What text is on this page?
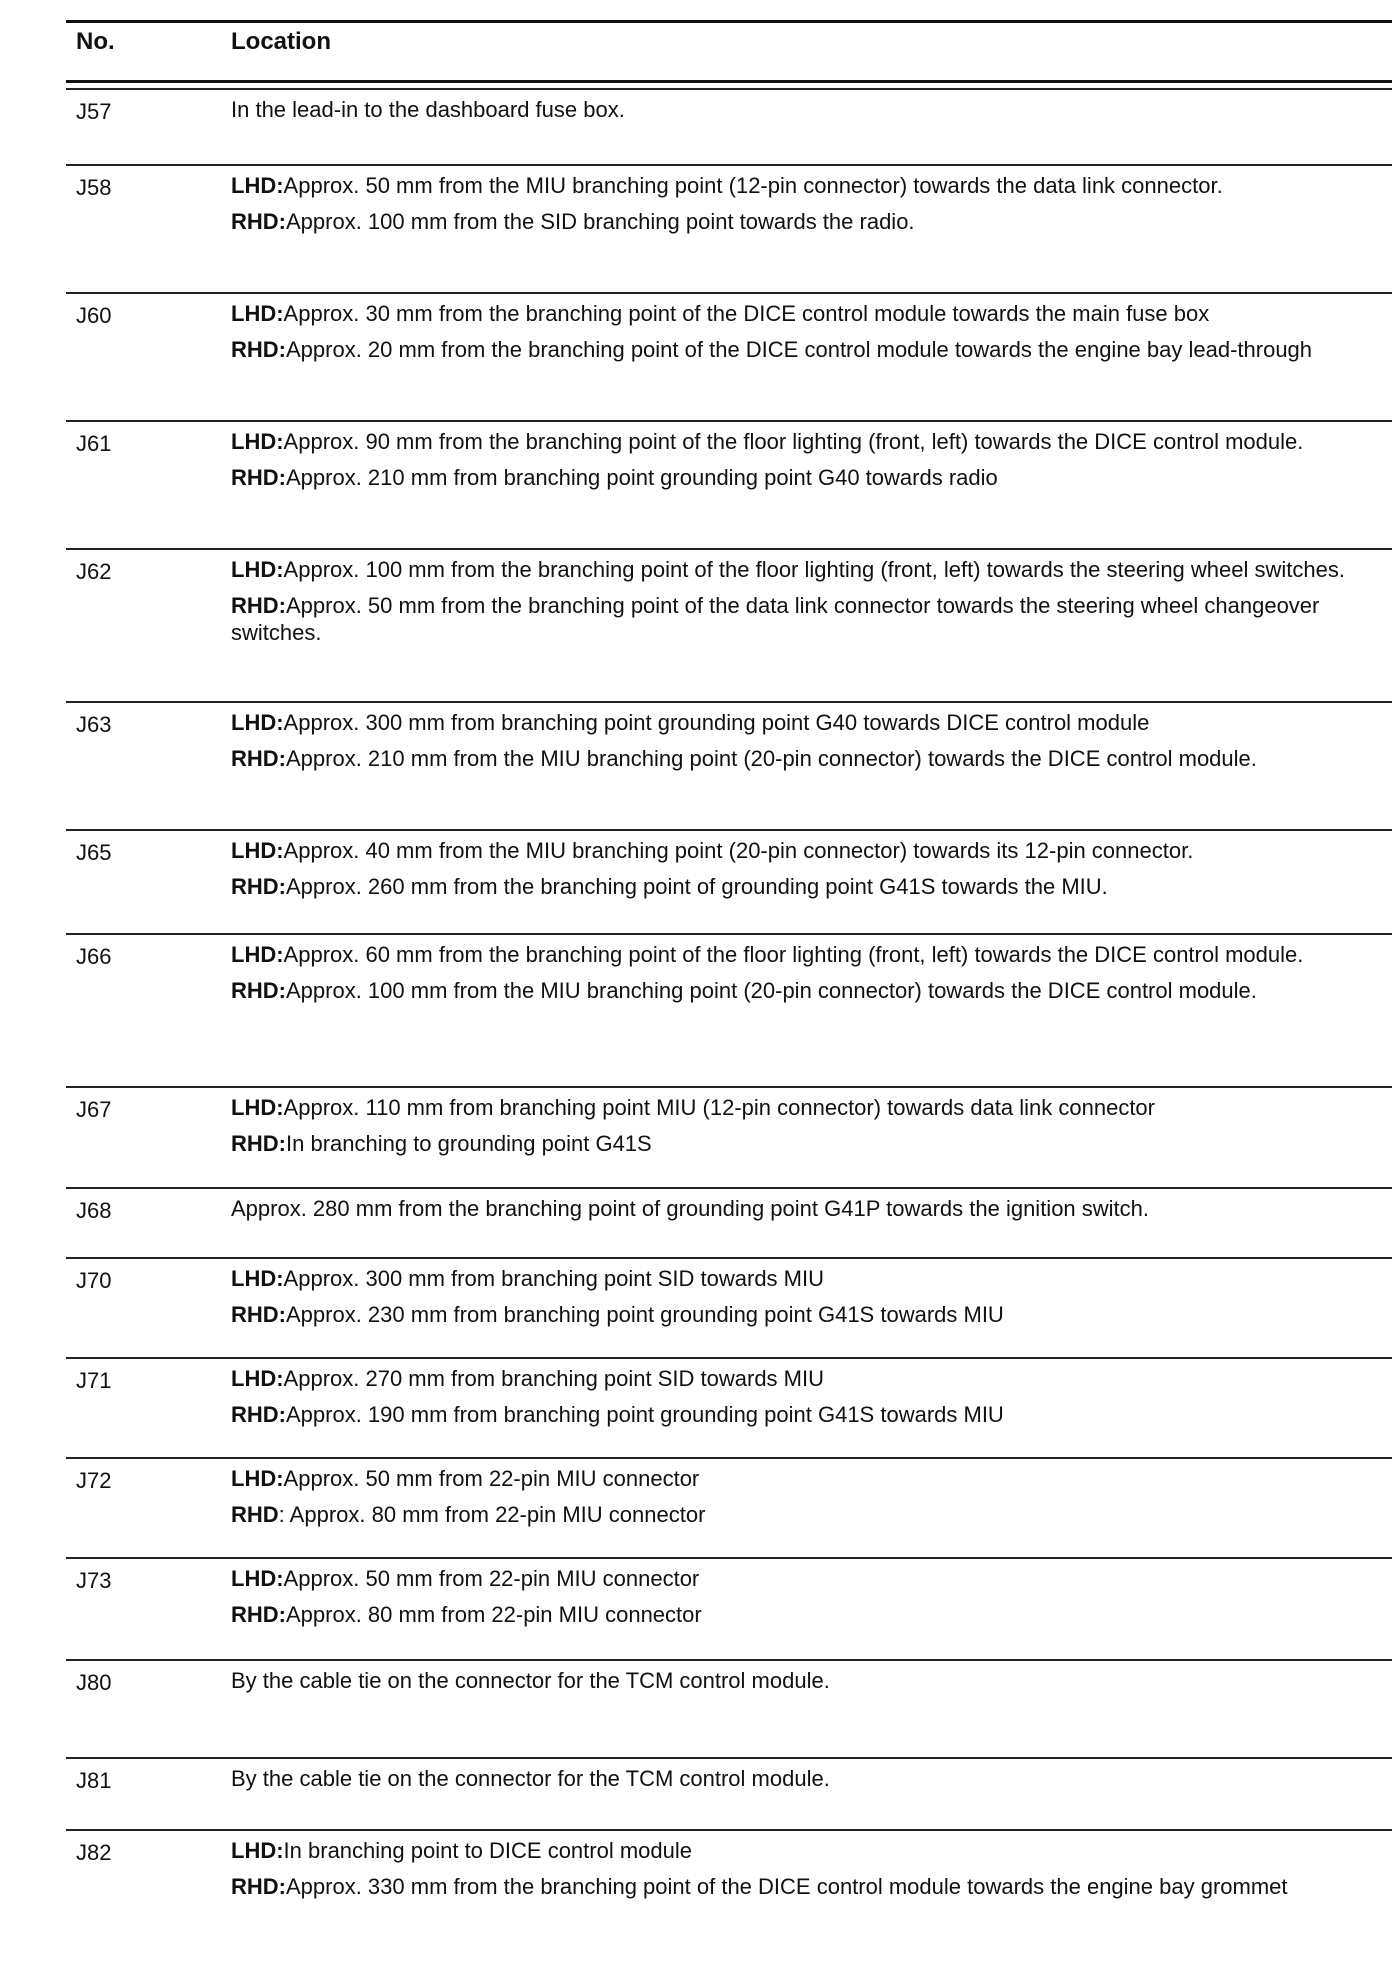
No.	Location
J57	In the lead-in to the dashboard fuse box.

J58	LHD:Approx. 50 mm from the MIU branching point (12-pin connector) towards the data link connector.

RHD:Approx. 100 mm from the SID branching point towards the radio.

J60	LHD:Approx. 30 mm from the branching point of the DICE control module towards the main fuse box

RHD:Approx. 20 mm from the branching point of the DICE control module towards the engine bay lead-through

J61	LHD:Approx. 90 mm from the branching point of the floor lighting (front, left) towards the DICE control module.

RHD:Approx. 210 mm from branching point grounding point G40 towards radio

J62	LHD:Approx. 100 mm from the branching point of the floor lighting (front, left) towards the steering wheel switches.

RHD:Approx. 50 mm from the branching point of the data link connector towards the steering wheel changeover switches.

J63	LHD:Approx. 300 mm from branching point grounding point G40 towards DICE control module

RHD:Approx. 210 mm from the MIU branching point (20-pin connector) towards the DICE control module.

J65	LHD:Approx. 40 mm from the MIU branching point (20-pin connector) towards its 12-pin connector.

RHD:Approx. 260 mm from the branching point of grounding point G41S towards the MIU.

J66	LHD:Approx. 60 mm from the branching point of the floor lighting (front, left) towards the DICE control module.

RHD:Approx. 100 mm from the MIU branching point (20-pin connector) towards the DICE control module.

J67	LHD:Approx. 110 mm from branching point MIU (12-pin connector) towards data link connector

RHD:In branching to grounding point G41S

J68	Approx. 280 mm from the branching point of grounding point G41P towards the ignition switch.

J70	LHD:Approx. 300 mm from branching point SID towards MIU

RHD:Approx. 230 mm from branching point grounding point G41S towards MIU

J71	LHD:Approx. 270 mm from branching point SID towards MIU

RHD:Approx. 190 mm from branching point grounding point G41S towards MIU

J72	LHD:Approx. 50 mm from 22-pin MIU connector

RHD: Approx. 80 mm from 22-pin MIU connector

J73	LHD:Approx. 50 mm from 22-pin MIU connector

RHD:Approx. 80 mm from 22-pin MIU connector

J80	By the cable tie on the connector for the TCM control module.

J81	By the cable tie on the connector for the TCM control module.

J82	LHD:In branching point to DICE control module

RHD:Approx. 330 mm from the branching point of the DICE control module towards the engine bay grommet
